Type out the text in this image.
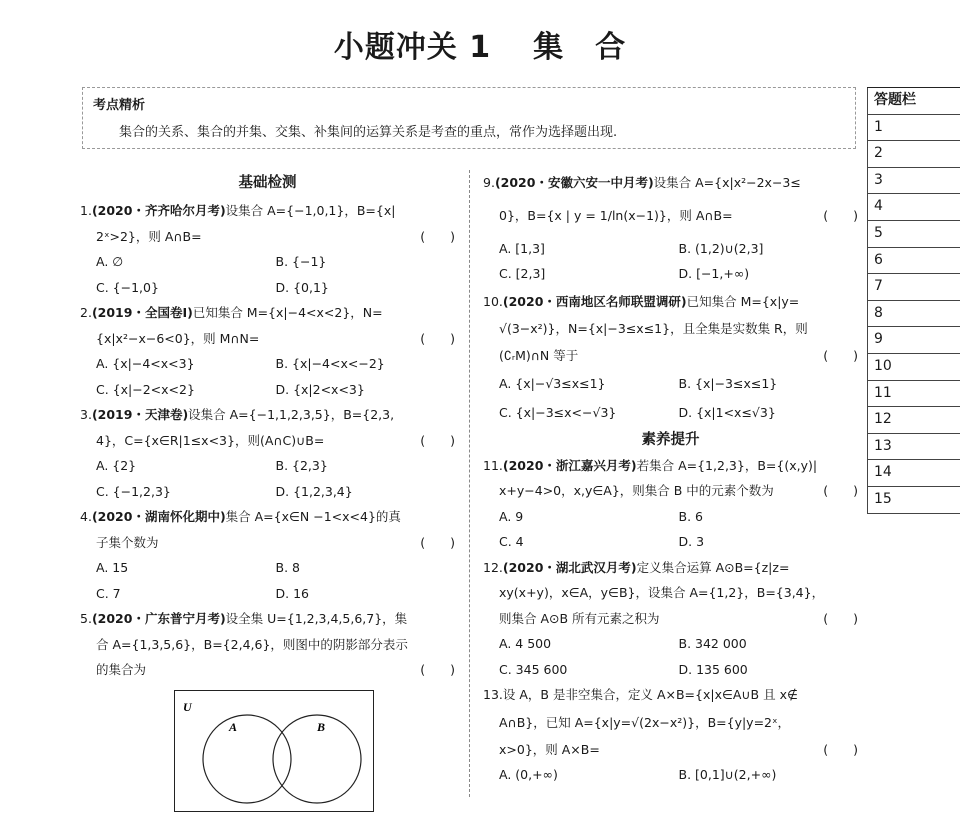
小题冲关 1 集　合
考点精析
集合的关系、集合的并集、交集、补集间的运算关系是考查的重点，常作为选择题出现.
基础检测
1.(2020・齐齐哈尔月考)设集合 A={−1,0,1}，B={x|
2ˣ>2}，则 A∩B=	(　　)
A. ∅	B. {−1}
C. {−1,0}	D. {0,1}
2.(2019・全国卷Ⅰ)已知集合 M={x|−4<x<2}，N=
{x|x²−x−6<0}，则 M∩N=	(　　)
A. {x|−4<x<3}	B. {x|−4<x<−2}
C. {x|−2<x<2}	D. {x|2<x<3}
3.(2019・天津卷)设集合 A={−1,1,2,3,5}，B={2,3,
4}，C={x∈R|1≤x<3}，则(A∩C)∪B=	(　　)
A. {2}	B. {2,3}
C. {−1,2,3}	D. {1,2,3,4}
4.(2020・湖南怀化期中)集合 A={x∈N −1<x<4}的真
子集个数为	(　　)
A. 15	B. 8
C. 7	D. 16
5.(2020・广东普宁月考)设全集 U={1,2,3,4,5,6,7}，集
合 A={1,3,5,6}，B={2,4,6}，则图中的阴影部分表示
的集合为	(　　)
U
A	B
9.(2020・安徽六安一中月考)设集合 A={x|x²−2x−3≤
0}，B={x | y = 1/ln(x−1)}，则 A∩B=	(　　)
A. [1,3]	B. (1,2)∪(2,3]
C. [2,3]	D. [−1,+∞)
10.(2020・西南地区名师联盟调研)已知集合 M={x|y=
√(3−x²)}，N={x|−3≤x≤1}，且全集是实数集 R，则
(∁ᵣM)∩N 等于	(　　)
A. {x|−√3≤x≤1}	B. {x|−3≤x≤1}
C. {x|−3≤x<−√3}	D. {x|1<x≤√3}
素养提升
11.(2020・浙江嘉兴月考)若集合 A={1,2,3}，B={(x,y)|
x+y−4>0，x,y∈A}，则集合 B 中的元素个数为	(　　)
A. 9	B. 6
C. 4	D. 3
12.(2020・湖北武汉月考)定义集合运算 A⊙B={z|z=
xy(x+y)，x∈A，y∈B}，设集合 A={1,2}，B={3,4}，
则集合 A⊙B 所有元素之积为	(　　)
A. 4 500	B. 342 000
C. 345 600	D. 135 600
13.设 A，B 是非空集合，定义 A×B={x|x∈A∪B 且 x∉
A∩B}，已知 A={x|y=√(2x−x²)}，B={y|y=2ˣ，
x>0}，则 A×B=	(　　)
A. (0,+∞)	B. [0,1]∪(2,+∞)
答题栏
1
2
3
4
5
6
7
8
9
10
11
12
13
14
15
